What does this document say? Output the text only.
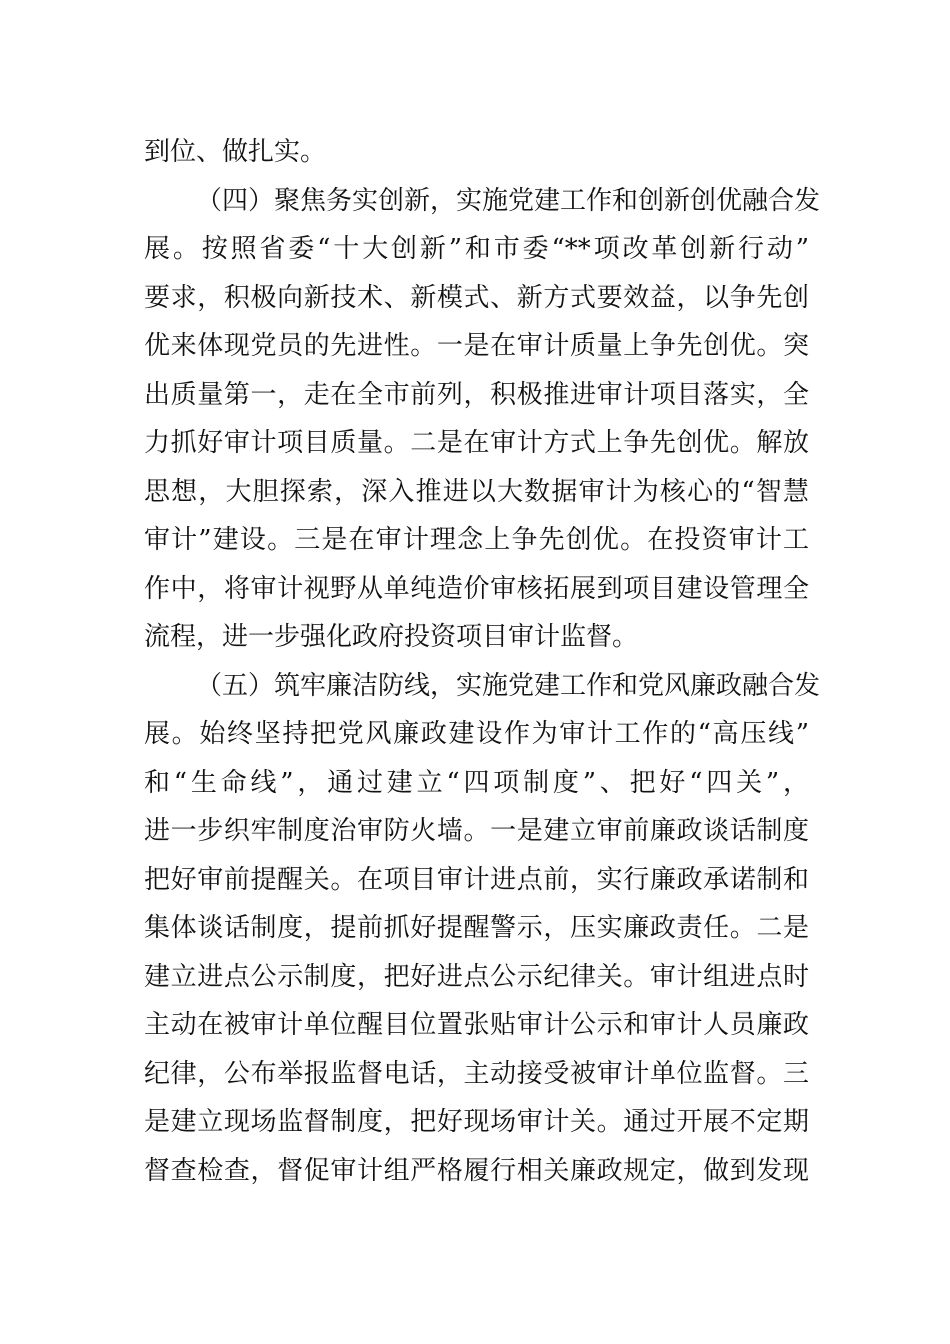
到位、做扎实。
（四）聚焦务实创新，实施党建工作和创新创优融合发
展。按照省委“十大创新”和市委“**项改革创新行动”
要求，积极向新技术、新模式、新方式要效益，以争先创
优来体现党员的先进性。一是在审计质量上争先创优。突
出质量第一，走在全市前列，积极推进审计项目落实，全
力抓好审计项目质量。二是在审计方式上争先创优。解放
思想，大胆探索，深入推进以大数据审计为核心的“智慧
审计”建设。三是在审计理念上争先创优。在投资审计工
作中，将审计视野从单纯造价审核拓展到项目建设管理全
流程，进一步强化政府投资项目审计监督。
（五）筑牢廉洁防线，实施党建工作和党风廉政融合发
展。始终坚持把党风廉政建设作为审计工作的“高压线”
和“生命线”，通过建立“四项制度”、把好“四关”，
进一步织牢制度治审防火墙。一是建立审前廉政谈话制度
把好审前提醒关。在项目审计进点前，实行廉政承诺制和
集体谈话制度，提前抓好提醒警示，压实廉政责任。二是
建立进点公示制度，把好进点公示纪律关。审计组进点时
主动在被审计单位醒目位置张贴审计公示和审计人员廉政
纪律，公布举报监督电话，主动接受被审计单位监督。三
是建立现场监督制度，把好现场审计关。通过开展不定期
督查检查，督促审计组严格履行相关廉政规定，做到发现
